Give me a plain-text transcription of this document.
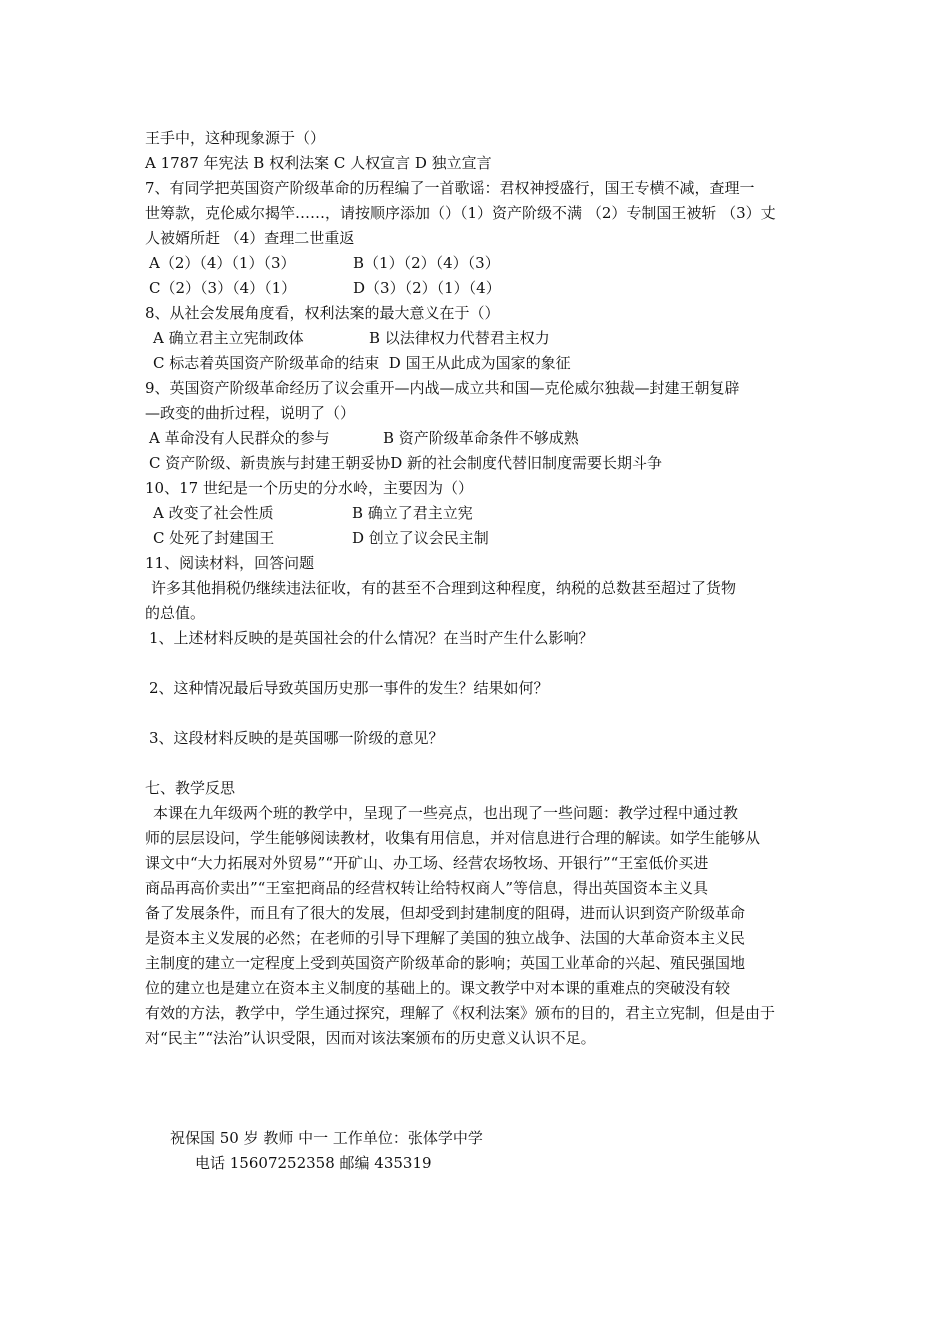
王手中，这种现象源于（）
A 1787 年宪法 B 权利法案 C 人权宣言 D 独立宣言
7、有同学把英国资产阶级革命的历程编了一首歌谣：君权神授盛行，国王专横不减，查理一
世筹款，克伦威尔揭竿……，请按顺序添加（）（1）资产阶级不满 （2）专制国王被斩 （3）丈
人被婿所赶 （4）查理二世重返
A（2）（4）（1）（3）	B（1）（2）（4）（3）
C（2）（3）（4）（1）	D（3）（2）（1）（4）
8、从社会发展角度看，权利法案的最大意义在于（）
A 确立君主立宪制政体	B 以法律权力代替君主权力
C 标志着英国资产阶级革命的结束 D 国王从此成为国家的象征
9、英国资产阶级革命经历了议会重开—内战—成立共和国—克伦威尔独裁—封建王朝复辟
—政变的曲折过程，说明了（）
A 革命没有人民群众的参与	B 资产阶级革命条件不够成熟
C 资产阶级、新贵族与封建王朝妥协D 新的社会制度代替旧制度需要长期斗争
10、17 世纪是一个历史的分水岭，主要因为（）
A 改变了社会性质	B 确立了君主立宪
C 处死了封建国王	D 创立了议会民主制
11、阅读材料，回答问题
许多其他捐税仍继续违法征收，有的甚至不合理到这种程度，纳税的总数甚至超过了货物
的总值。
1、上述材料反映的是英国社会的什么情况？在当时产生什么影响？
2、这种情况最后导致英国历史那一事件的发生？结果如何？
3、这段材料反映的是英国哪一阶级的意见？
七、教学反思
本课在九年级两个班的教学中，呈现了一些亮点，也出现了一些问题：教学过程中通过教
师的层层设问，学生能够阅读教材，收集有用信息，并对信息进行合理的解读。如学生能够从
课文中“大力拓展对外贸易”“开矿山、办工场、经营农场牧场、开银行”“王室低价买进
商品再高价卖出”“王室把商品的经营权转让给特权商人”等信息，得出英国资本主义具
备了发展条件，而且有了很大的发展，但却受到封建制度的阻碍，进而认识到资产阶级革命
是资本主义发展的必然；在老师的引导下理解了美国的独立战争、法国的大革命资本主义民
主制度的建立一定程度上受到英国资产阶级革命的影响；英国工业革命的兴起、殖民强国地
位的建立也是建立在资本主义制度的基础上的。课文教学中对本课的重难点的突破没有较
有效的方法，教学中，学生通过探究，理解了《权利法案》颁布的目的，君主立宪制，但是由于
对“民主”“法治”认识受限，因而对该法案颁布的历史意义认识不足。
祝保国 50 岁 教师 中一 工作单位：张体学中学
电话 15607252358 邮编 435319
